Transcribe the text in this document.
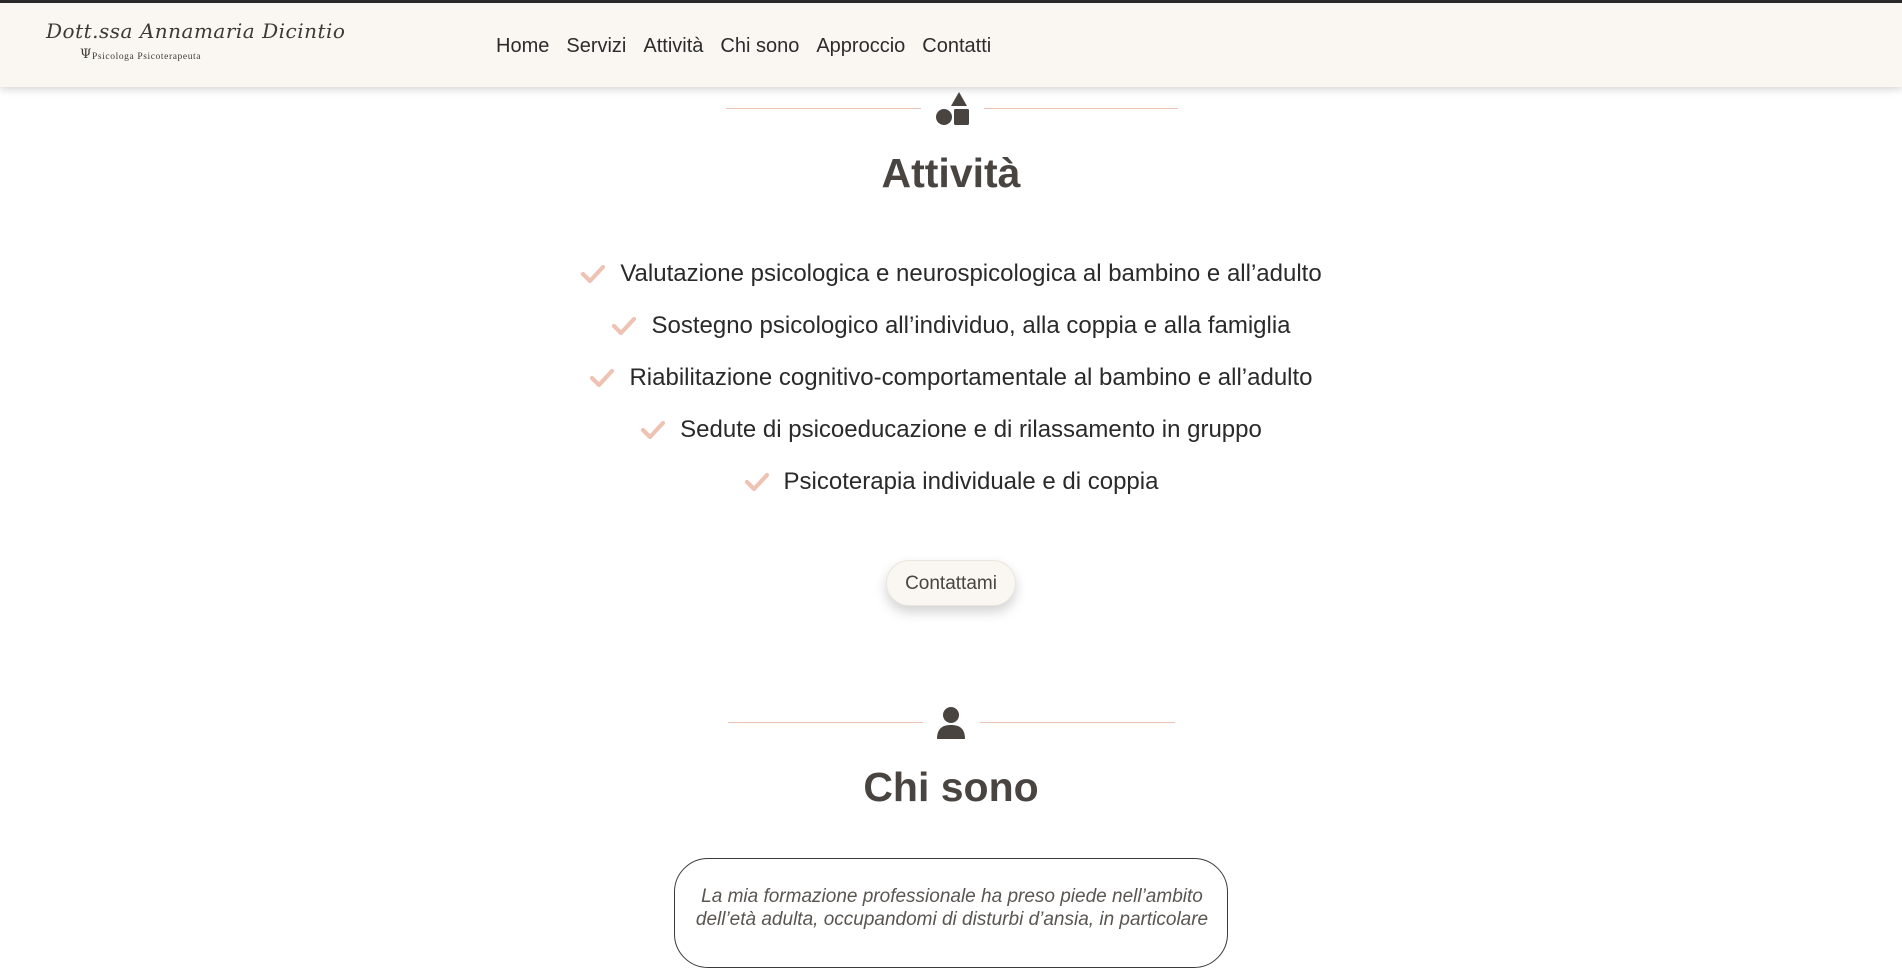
Dott.ssa Annamaria Dicintio
Ψ Psicologa Psicoterapeuta	Home Servizi Attività Chi sono Approccio Contatti
Attività
Valutazione psicologica e neurospicologica al bambino e all’adulto
Sostegno psicologico all’individuo, alla coppia e alla famiglia
Riabilitazione cognitivo-comportamentale al bambino e all’adulto
Sedute di psicoeducazione e di rilassamento in gruppo
Psicoterapia individuale e di coppia
Contattami
Chi sono
La mia formazione professionale ha preso piede nell’ambito
dell’età adulta, occupandomi di disturbi d’ansia, in particolare
